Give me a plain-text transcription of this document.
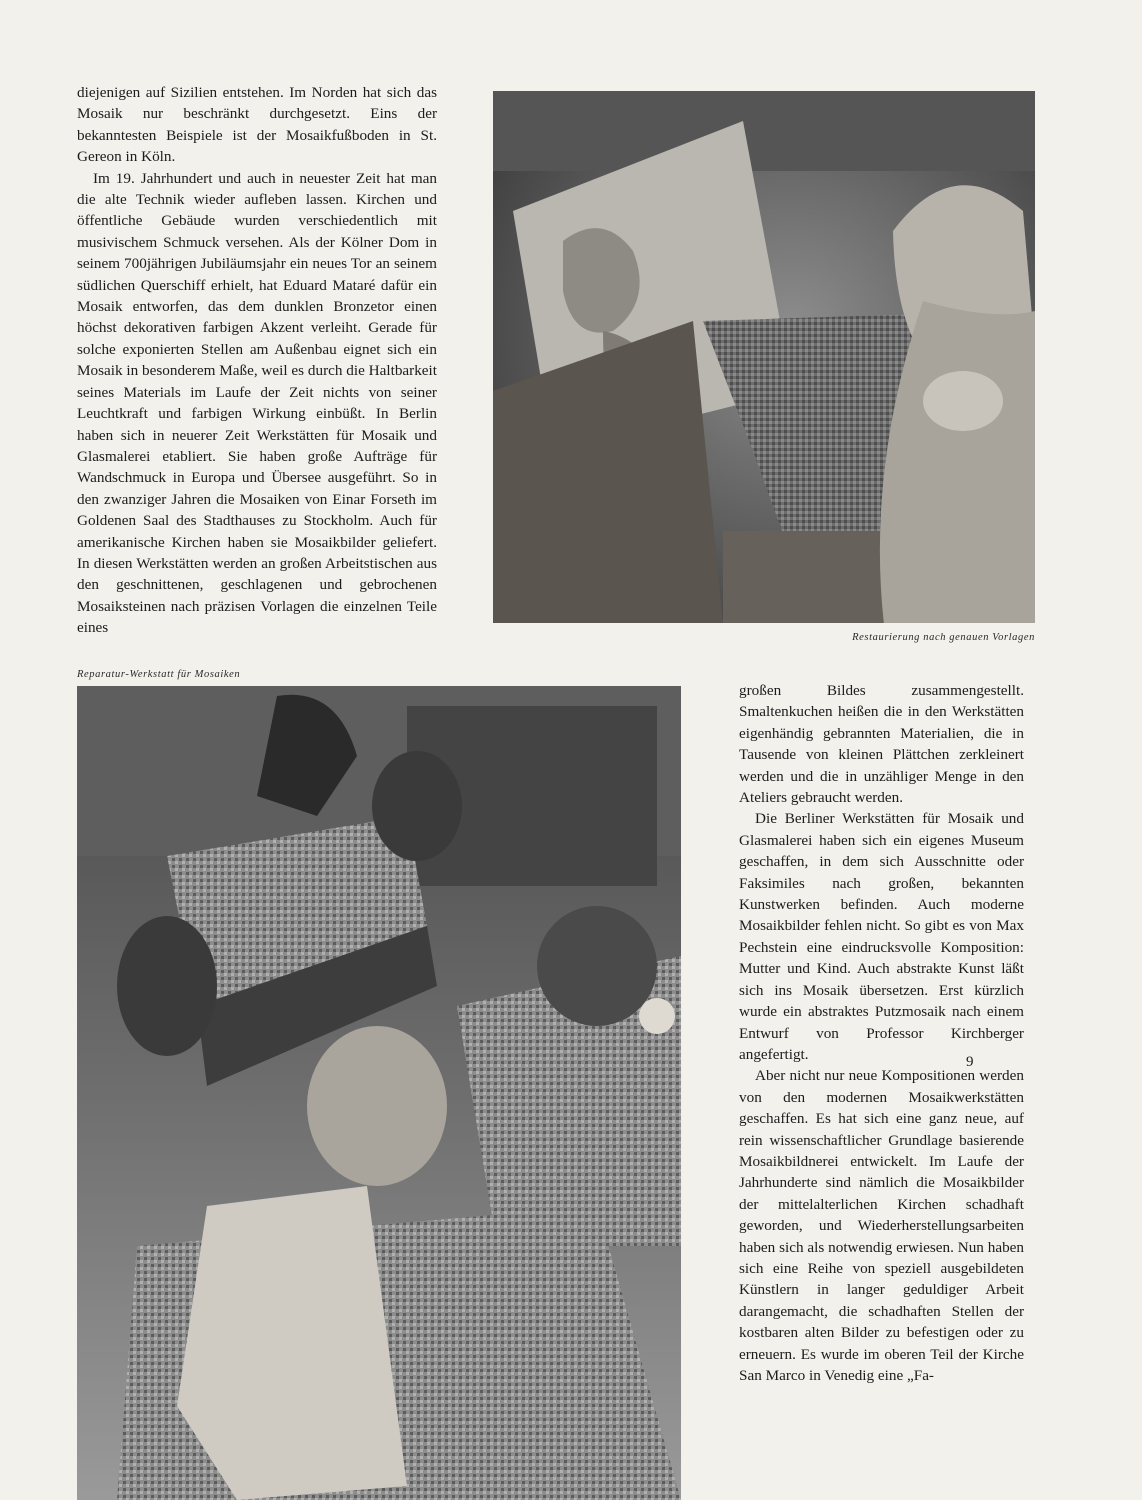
diejenigen auf Sizilien entstehen. Im Norden hat sich das Mosaik nur beschränkt durchgesetzt. Eins der bekanntesten Beispiele ist der Mosaikfußboden in St. Gereon in Köln.

Im 19. Jahrhundert und auch in neuester Zeit hat man die alte Technik wieder aufleben lassen. Kirchen und öffentliche Gebäude wurden verschiedentlich mit musivischem Schmuck versehen. Als der Kölner Dom in seinem 700jährigen Jubiläumsjahr ein neues Tor an seinem südlichen Querschiff erhielt, hat Eduard Mataré dafür ein Mosaik entworfen, das dem dunklen Bronzetor einen höchst dekorativen farbigen Akzent verleiht. Gerade für solche exponierten Stellen am Außenbau eignet sich ein Mosaik in besonderem Maße, weil es durch die Haltbarkeit seines Materials im Laufe der Zeit nichts von seiner Leuchtkraft und farbigen Wirkung einbüßt. In Berlin haben sich in neuerer Zeit Werkstätten für Mosaik und Glasmalerei etabliert. Sie haben große Aufträge für Wandschmuck in Europa und Übersee ausgeführt. So in den zwanziger Jahren die Mosaiken von Einar Forseth im Goldenen Saal des Stadthauses zu Stockholm. Auch für amerikanische Kirchen haben sie Mosaikbilder geliefert. In diesen Werkstätten werden an großen Arbeitstischen aus den geschnittenen, geschlagenen und gebrochenen Mosaiksteinen nach präzisen Vorlagen die einzelnen Teile eines

Restaurierung nach genauen Vorlagen
Reparatur-Werkstatt für Mosaiken

großen Bildes zusammengestellt. Smaltenkuchen heißen die in den Werkstätten eigenhändig gebrannten Materialien, die in Tausende von kleinen Plättchen zerkleinert werden und die in unzähliger Menge in den Ateliers gebraucht werden.

Die Berliner Werkstätten für Mosaik und Glasmalerei haben sich ein eigenes Museum geschaffen, in dem sich Ausschnitte oder Faksimiles nach großen, bekannten Kunstwerken befinden. Auch moderne Mosaikbilder fehlen nicht. So gibt es von Max Pechstein eine eindrucksvolle Komposition: Mutter und Kind. Auch abstrakte Kunst läßt sich ins Mosaik übersetzen. Erst kürzlich wurde ein abstraktes Putzmosaik nach einem Entwurf von Professor Kirchberger angefertigt.

Aber nicht nur neue Kompositionen werden von den modernen Mosaikwerkstätten geschaffen. Es hat sich eine ganz neue, auf rein wissenschaftlicher Grundlage basierende Mosaikbildnerei entwickelt. Im Laufe der Jahrhunderte sind nämlich die Mosaikbilder der mittelalterlichen Kirchen schadhaft geworden, und Wiederherstellungsarbeiten haben sich als notwendig erwiesen. Nun haben sich eine Reihe von speziell ausgebildeten Künstlern in langer geduldiger Arbeit darangemacht, die schadhaften Stellen der kostbaren alten Bilder zu befestigen oder zu erneuern. Es wurde im oberen Teil der Kirche San Marco in Venedig eine „Fa-

9
